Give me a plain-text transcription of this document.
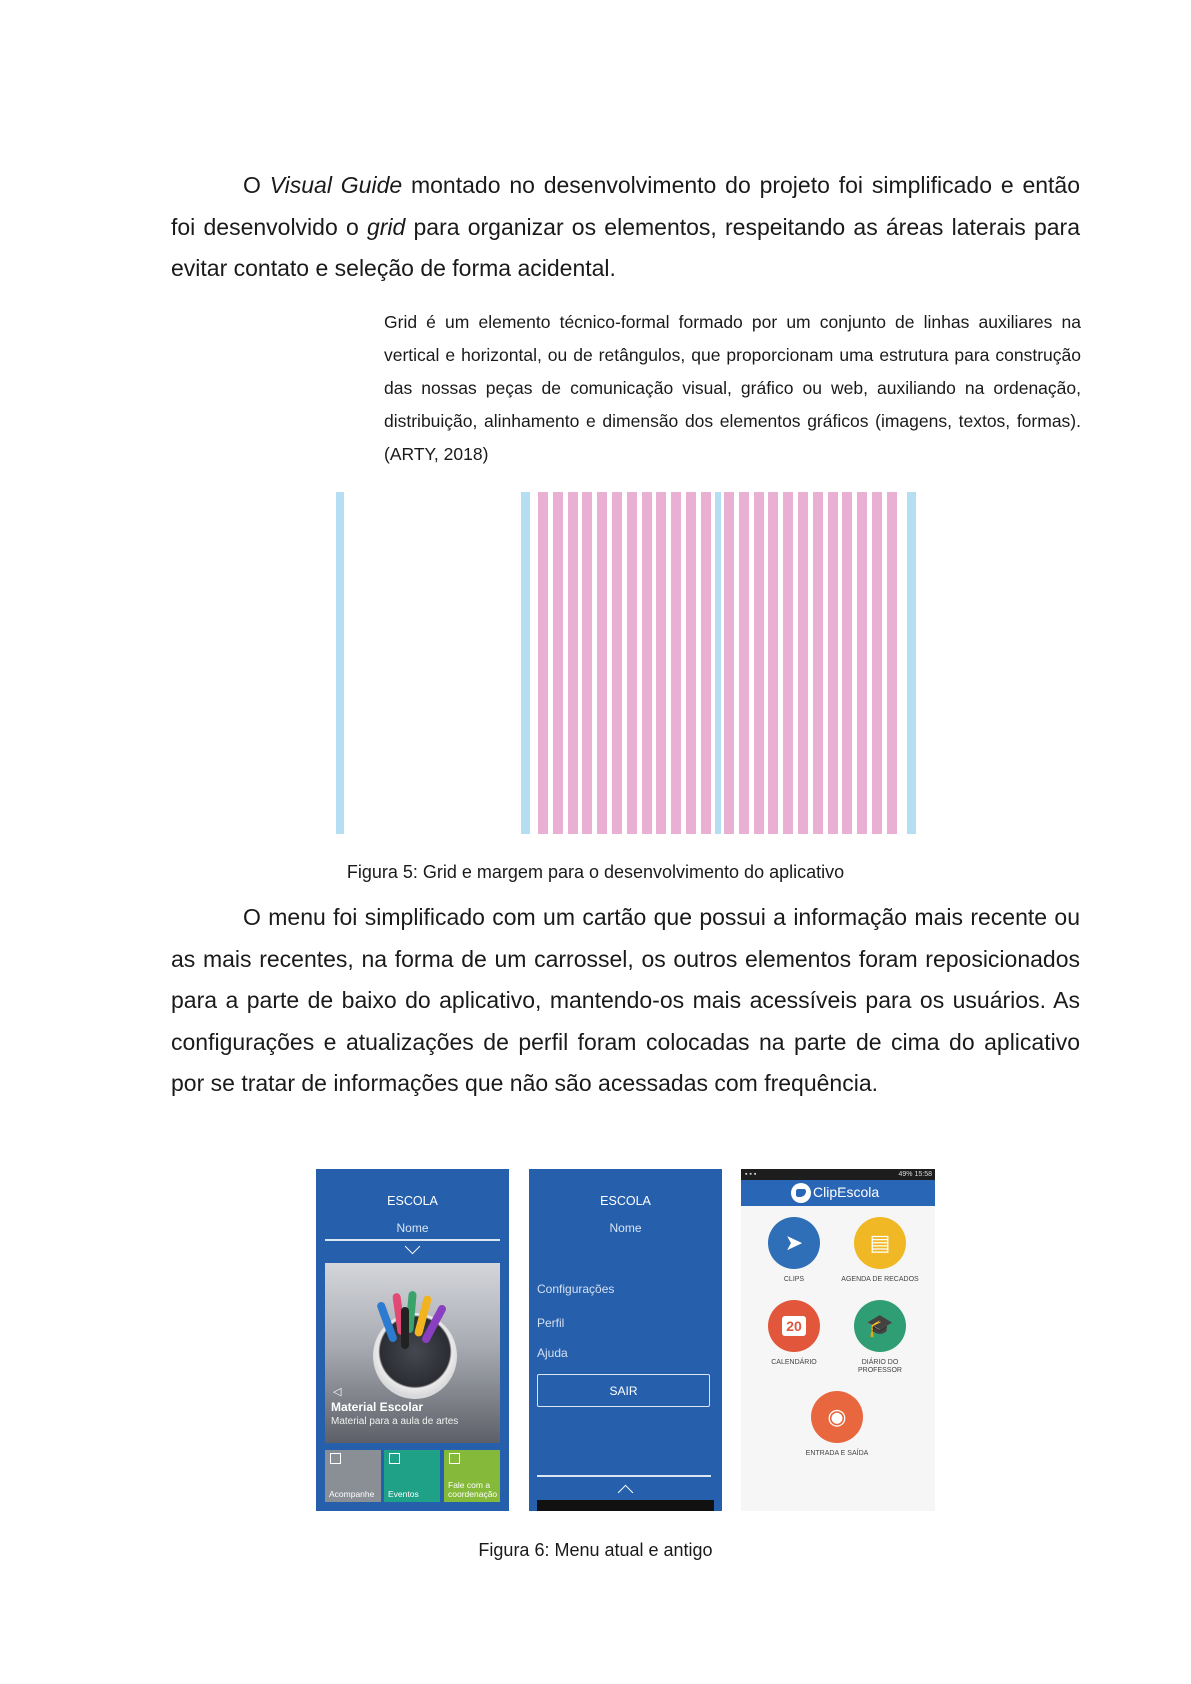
O Visual Guide montado no desenvolvimento do projeto foi simplificado e então
foi desenvolvido o grid para organizar os elementos, respeitando as áreas laterais para
evitar contato e seleção de forma acidental.

Grid é um elemento técnico-formal formado por um conjunto de linhas auxiliares na vertical e horizontal, ou de retângulos, que proporcionam uma estrutura para construção das nossas peças de comunicação visual, gráfico ou web, auxiliando na ordenação, distribuição, alinhamento e dimensão dos elementos gráficos (imagens, textos, formas). (ARTY, 2018)

Figura 5: Grid e margem para o desenvolvimento do aplicativo

O menu foi simplificado com um cartão que possui a informação mais recente ou as mais recentes, na forma de um carrossel, os outros elementos foram reposicionados para a parte de baixo do aplicativo, mantendo-os mais acessíveis para os usuários. As configurações e atualizações de perfil foram colocadas na parte de cima do aplicativo por se tratar de informações que não são acessadas com frequência.

ESCOLA
Nome
◁
Material Escolar
Material para a aula de artes
Acompanhe Eventos
Fale com a coordenação
ESCOLA
Nome
Configurações
Perfil
Ajuda
SAIR
▪ ▪ ▪	49% 15:58
ClipEscola
➤
CLIPS
▤
AGENDA DE RECADOS
20
CALENDÁRIO
🎓
DIÁRIO DO PROFESSOR
◉
ENTRADA E SAÍDA

Figura 6: Menu atual e antigo
